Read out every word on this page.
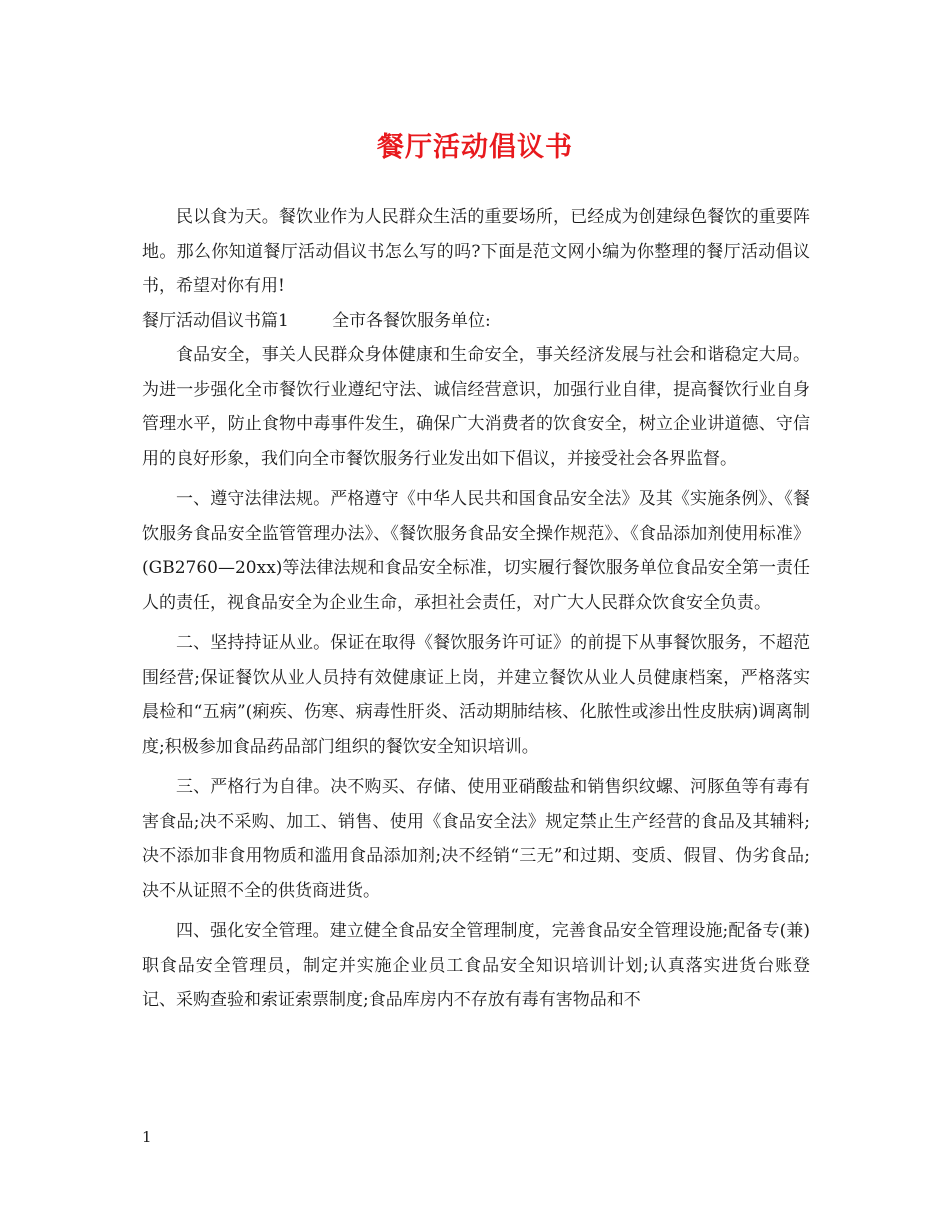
餐厅活动倡议书

民以食为天。餐饮业作为人民群众生活的重要场所，已经成为创建绿色餐饮的重要阵地。那么你知道餐厅活动倡议书怎么写的吗?下面是范文网小编为你整理的餐厅活动倡议书，希望对你有用!

餐厅活动倡议书篇1	全市各餐饮服务单位:

食品安全，事关人民群众身体健康和生命安全，事关经济发展与社会和谐稳定大局。为进一步强化全市餐饮行业遵纪守法、诚信经营意识，加强行业自律，提高餐饮行业自身管理水平，防止食物中毒事件发生，确保广大消费者的饮食安全，树立企业讲道德、守信用的良好形象，我们向全市餐饮服务行业发出如下倡议，并接受社会各界监督。

一、遵守法律法规。严格遵守《中华人民共和国食品安全法》及其《实施条例》、《餐饮服务食品安全监管管理办法》、《餐饮服务食品安全操作规范》、《食品添加剂使用标准》(GB2760—20xx)等法律法规和食品安全标准，切实履行餐饮服务单位食品安全第一责任人的责任，视食品安全为企业生命，承担社会责任，对广大人民群众饮食安全负责。

二、坚持持证从业。保证在取得《餐饮服务许可证》的前提下从事餐饮服务，不超范围经营;保证餐饮从业人员持有效健康证上岗，并建立餐饮从业人员健康档案，严格落实晨检和“五病”(痢疾、伤寒、病毒性肝炎、活动期肺结核、化脓性或渗出性皮肤病)调离制度;积极参加食品药品部门组织的餐饮安全知识培训。

三、严格行为自律。决不购买、存储、使用亚硝酸盐和销售织纹螺、河豚鱼等有毒有害食品;决不采购、加工、销售、使用《食品安全法》规定禁止生产经营的食品及其辅料;决不添加非食用物质和滥用食品添加剂;决不经销“三无”和过期、变质、假冒、伪劣食品;决不从证照不全的供货商进货。

四、强化安全管理。建立健全食品安全管理制度，完善食品安全管理设施;配备专(兼)职食品安全管理员，制定并实施企业员工食品安全知识培训计划;认真落实进货台账登记、采购查验和索证索票制度;食品库房内不存放有毒有害物品和不

1
